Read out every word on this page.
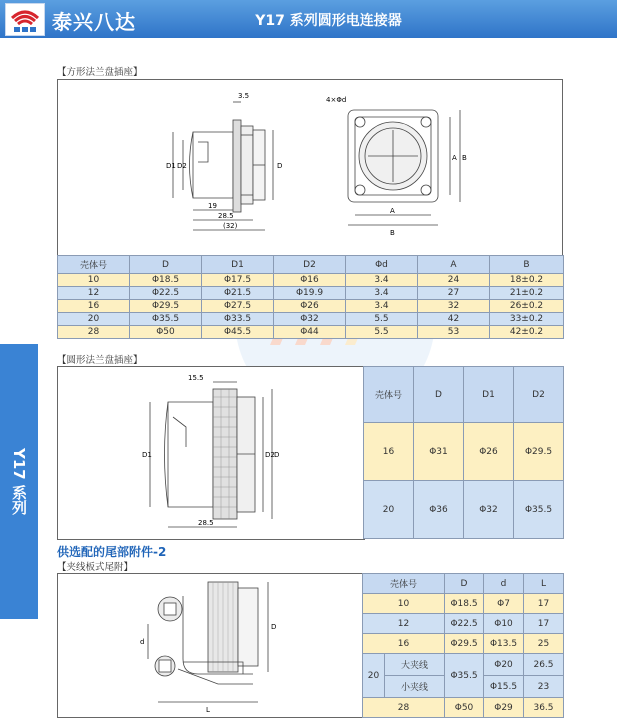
泰兴八达	Y17 系列圆形电连接器
Y17 系列
【方形法兰盘插座】
3.5
D1 D2	D
19
28.5
(32)
4×Φd
A
B
A B
壳体号	D	D1	D2	Φd	A	B
10	Φ18.5	Φ17.5	Φ16	3.4	24	18±0.2
12	Φ22.5	Φ21.5	Φ19.9	3.4	27	21±0.2
16	Φ29.5	Φ27.5	Φ26	3.4	32	26±0.2
20	Φ35.5	Φ33.5	Φ32	5.5	42	33±0.2
28	Φ50	Φ45.5	Φ44	5.5	53	42±0.2
【圆形法兰盘插座】
15.5
D1	D2 D
28.5
壳体号	D	D1	D2
16	Φ31	Φ26	Φ29.5
20	Φ36	Φ32	Φ35.5
供选配的尾部附件-2
【夹线板式尾附】
d
D
L
壳体号		D	d	L
10		Φ18.5	Φ7	17
12		Φ22.5	Φ10	17
16		Φ29.5	Φ13.5	25
20	大夹线	Φ35.5	Φ20	26.5
	小夹线		Φ15.5	23
28		Φ50	Φ29	36.5
